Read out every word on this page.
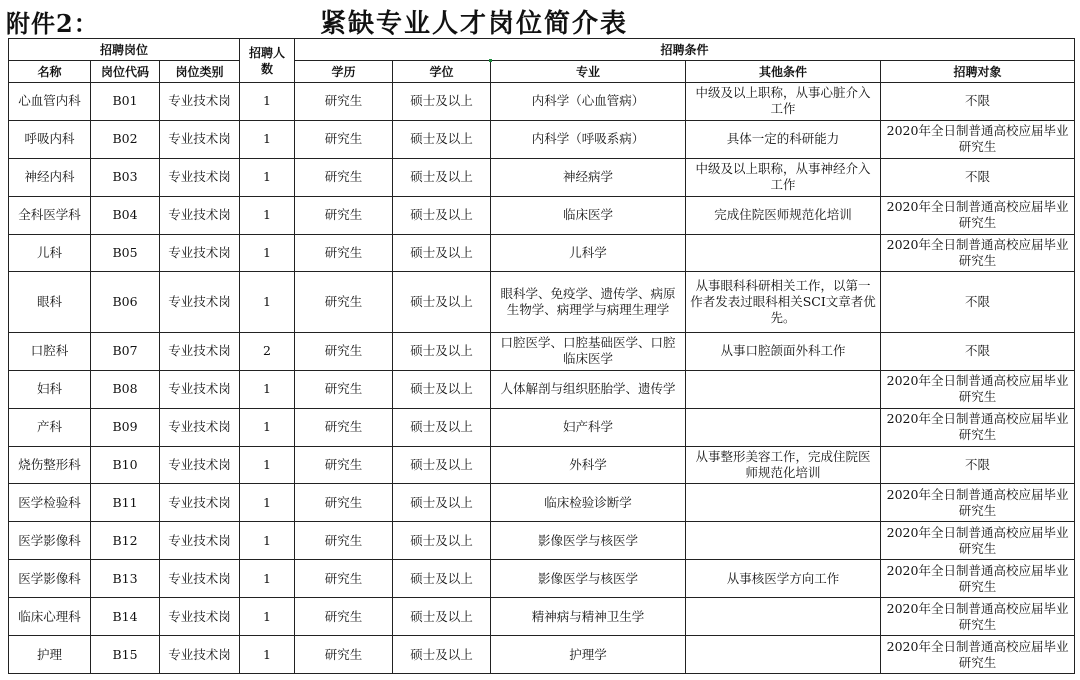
附件2：	紧缺专业人才岗位简介表
招聘岗位			招聘人数	招聘条件				
名称	岗位代码	岗位类别		学历	学位	专业	其他条件	招聘对象
心血管内科	B01	专业技术岗	1	研究生	硕士及以上	内科学（心血管病）	中级及以上职称，从事心脏介入工作	不限
呼吸内科	B02	专业技术岗	1	研究生	硕士及以上	内科学（呼吸系病）	具体一定的科研能力	2020年全日制普通高校应届毕业研究生
神经内科	B03	专业技术岗	1	研究生	硕士及以上	神经病学	中级及以上职称，从事神经介入工作	不限
全科医学科	B04	专业技术岗	1	研究生	硕士及以上	临床医学	完成住院医师规范化培训	2020年全日制普通高校应届毕业研究生
儿科	B05	专业技术岗	1	研究生	硕士及以上	儿科学		2020年全日制普通高校应届毕业研究生
眼科	B06	专业技术岗	1	研究生	硕士及以上	眼科学、免疫学、遗传学、病原生物学、病理学与病理生理学	从事眼科科研相关工作，以第一作者发表过眼科相关SCI文章者优先。	不限
口腔科	B07	专业技术岗	2	研究生	硕士及以上	口腔医学、口腔基础医学、口腔临床医学	从事口腔颌面外科工作	不限
妇科	B08	专业技术岗	1	研究生	硕士及以上	人体解剖与组织胚胎学、遗传学		2020年全日制普通高校应届毕业研究生
产科	B09	专业技术岗	1	研究生	硕士及以上	妇产科学		2020年全日制普通高校应届毕业研究生
烧伤整形科	B10	专业技术岗	1	研究生	硕士及以上	外科学	从事整形美容工作，完成住院医师规范化培训	不限
医学检验科	B11	专业技术岗	1	研究生	硕士及以上	临床检验诊断学		2020年全日制普通高校应届毕业研究生
医学影像科	B12	专业技术岗	1	研究生	硕士及以上	影像医学与核医学		2020年全日制普通高校应届毕业研究生
医学影像科	B13	专业技术岗	1	研究生	硕士及以上	影像医学与核医学	从事核医学方向工作	2020年全日制普通高校应届毕业研究生
临床心理科	B14	专业技术岗	1	研究生	硕士及以上	精神病与精神卫生学		2020年全日制普通高校应届毕业研究生
护理	B15	专业技术岗	1	研究生	硕士及以上	护理学		2020年全日制普通高校应届毕业研究生
